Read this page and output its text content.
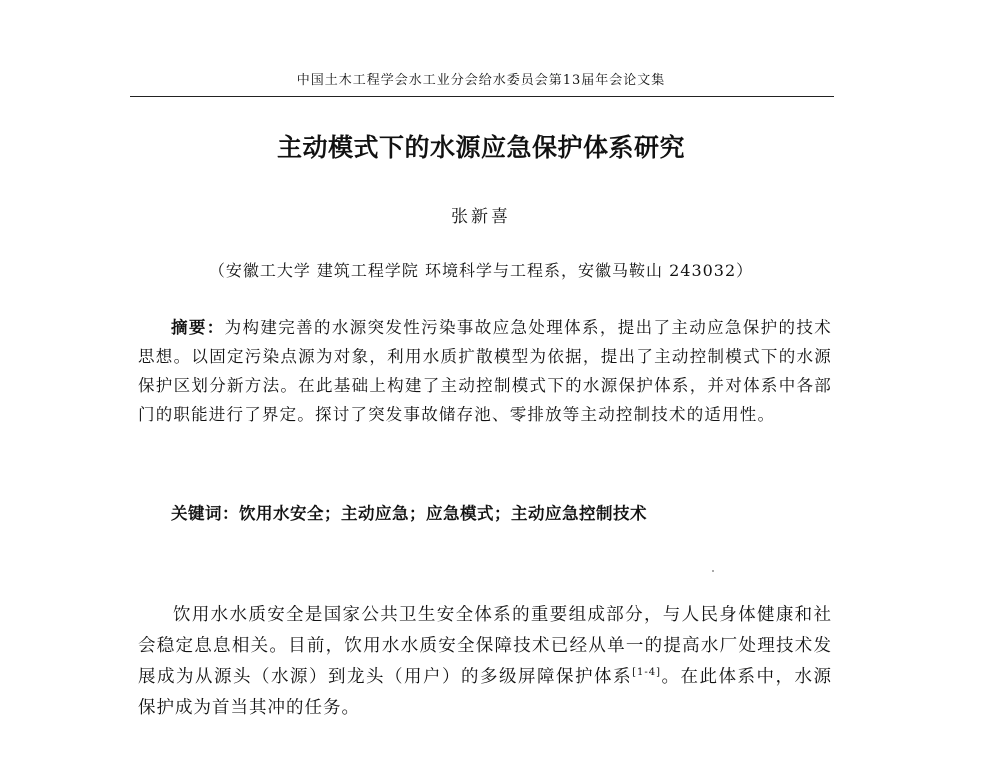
中国土木工程学会水工业分会给水委员会第13届年会论文集
主动模式下的水源应急保护体系研究
张新喜
（安徽工大学 建筑工程学院 环境科学与工程系，安徽马鞍山 243032）

摘要：为构建完善的水源突发性污染事故应急处理体系，提出了主动应急保护的技术思想。以固定污染点源为对象，利用水质扩散模型为依据，提出了主动控制模式下的水源保护区划分新方法。在此基础上构建了主动控制模式下的水源保护体系，并对体系中各部门的职能进行了界定。探讨了突发事故储存池、零排放等主动控制技术的适用性。

关键词：饮用水安全；主动应急；应急模式；主动应急控制技术

饮用水水质安全是国家公共卫生安全体系的重要组成部分，与人民身体健康和社会稳定息息相关。目前，饮用水水质安全保障技术已经从单一的提高水厂处理技术发展成为从源头（水源）到龙头（用户）的多级屏障保护体系[1-4]。在此体系中，水源保护成为首当其冲的任务。
